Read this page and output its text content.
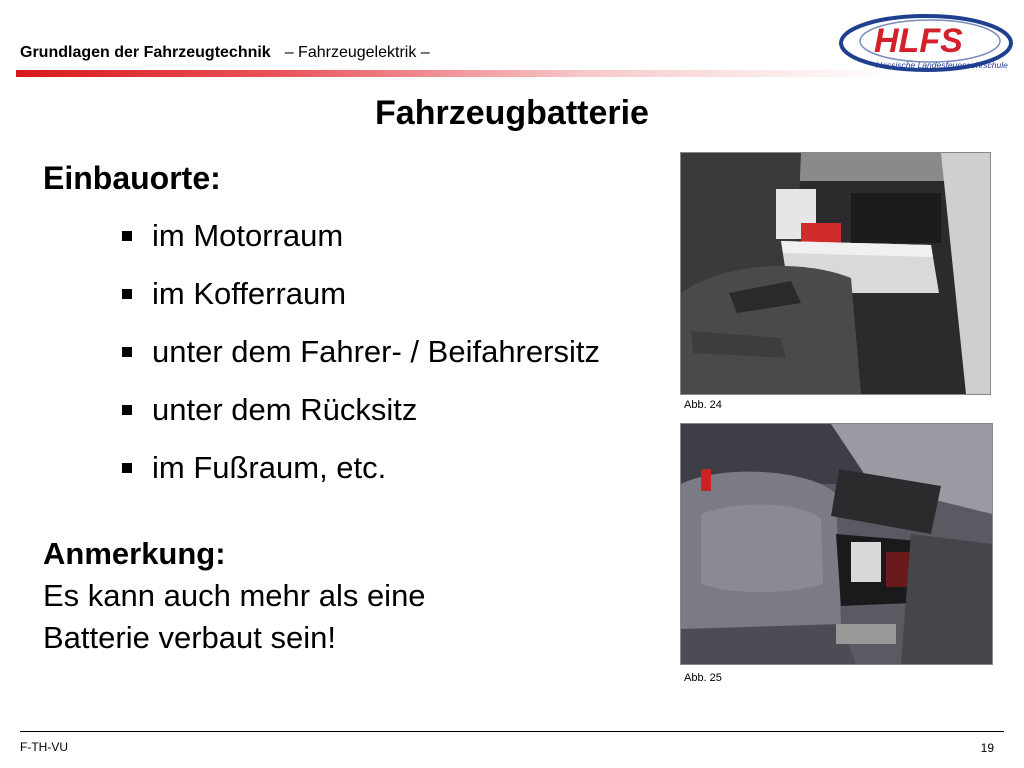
Grundlagen der Fahrzeugtechnik – Fahrzeugelektrik –	HLFS
Hessische Landesfeuerwehrschule
Fahrzeugbatterie
Einbauorte:
im Motorraum
im Kofferraum
unter dem Fahrer- / Beifahrersitz
unter dem Rücksitz
im Fußraum, etc.
Anmerkung:
Es kann auch mehr als eine
Batterie verbaut sein!
Abb. 24
Abb. 25
F-TH-VU	19
